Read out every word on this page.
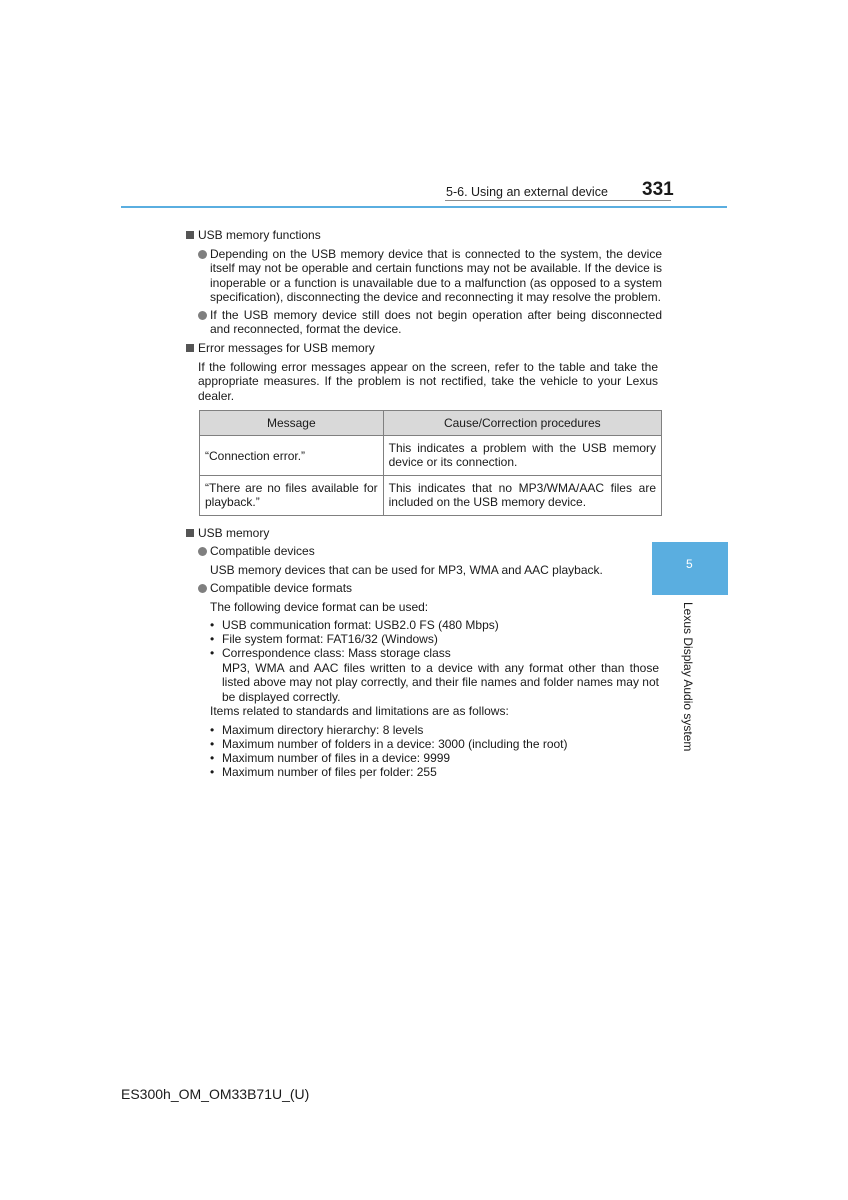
5-6. Using an external device 331
USB memory functions
Depending on the USB memory device that is connected to the system, the device itself may not be operable and certain functions may not be available. If the device is inoperable or a function is unavailable due to a malfunction (as opposed to a system specification), disconnecting the device and reconnecting it may resolve the problem.
If the USB memory device still does not begin operation after being disconnected and reconnected, format the device.
Error messages for USB memory
If the following error messages appear on the screen, refer to the table and take the appropriate measures. If the problem is not rectified, take the vehicle to your Lexus dealer.
Message	Cause/Correction procedures
“Connection error.”	This indicates a problem with the USB memory device or its connection.
“There are no files available for playback.”	This indicates that no MP3/WMA/AAC files are included on the USB memory device.
USB memory
Compatible devices
USB memory devices that can be used for MP3, WMA and AAC playback.
Compatible device formats
The following device format can be used:
• USB communication format: USB2.0 FS (480 Mbps)
• File system format: FAT16/32 (Windows)
• Correspondence class: Mass storage class
MP3, WMA and AAC files written to a device with any format other than those listed above may not play correctly, and their file names and folder names may not be displayed correctly.
Items related to standards and limitations are as follows:
• Maximum directory hierarchy: 8 levels
• Maximum number of folders in a device: 3000 (including the root)
• Maximum number of files in a device: 9999
• Maximum number of files per folder: 255
5
Lexus Display Audio system
ES300h_OM_OM33B71U_(U)
